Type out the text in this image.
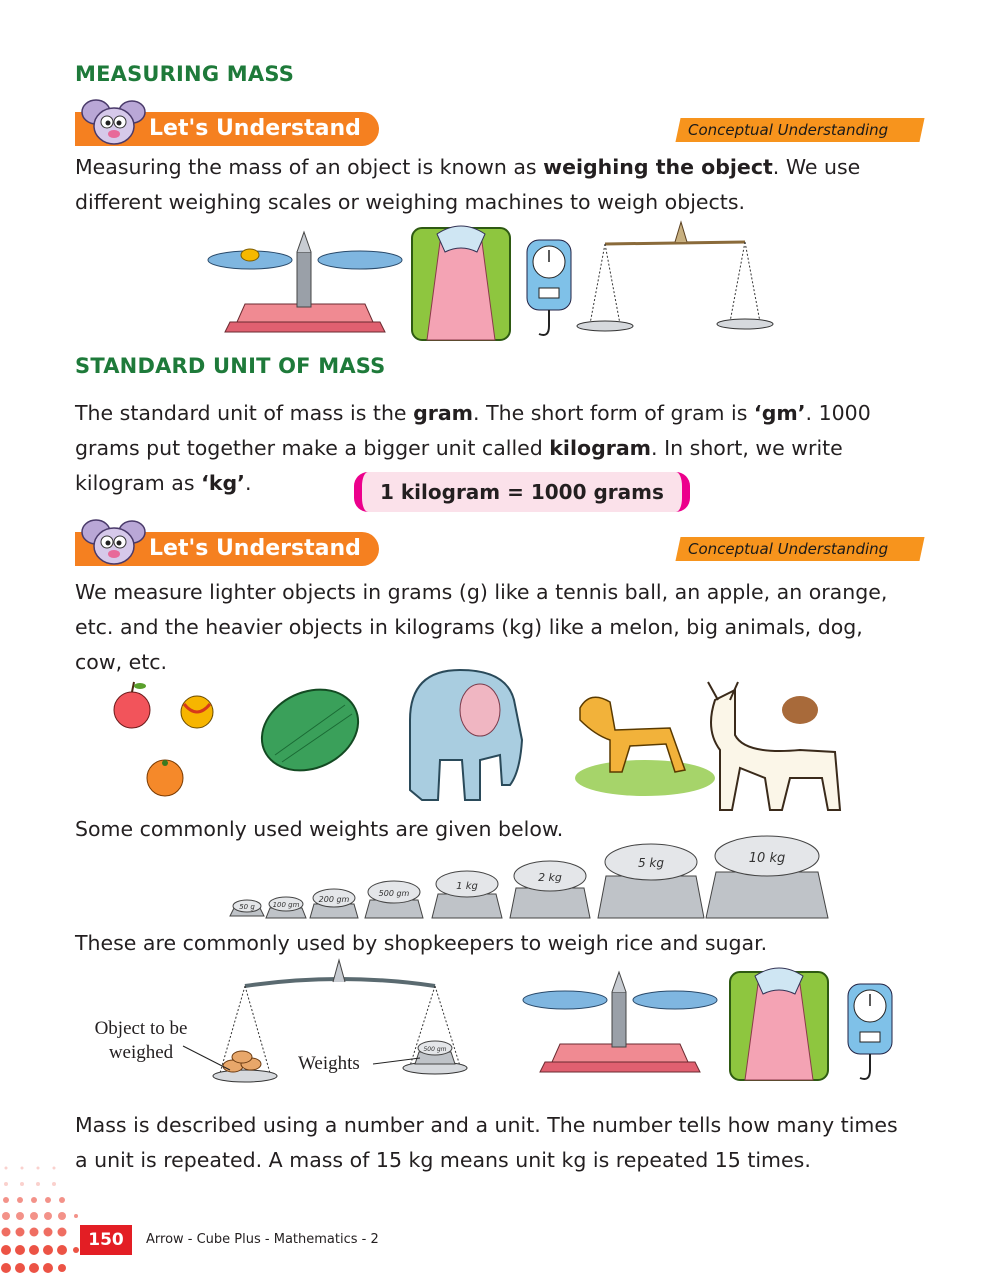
MEASURING MASS
Let's Understand	Conceptual Understanding
Measuring the mass of an object is known as weighing the object. We use different weighing scales or weighing machines to weigh objects.
STANDARD UNIT OF MASS
The standard unit of mass is the gram. The short form of gram is ‘gm’. 1000 grams put together make a bigger unit called kilogram. In short, we write kilogram as ‘kg’.	1 kilogram = 1000 grams
Let's Understand	Conceptual Understanding
We measure lighter objects in grams (g) like a tennis ball, an apple, an orange, etc. and the heavier objects in kilograms (kg) like a melon, big animals, dog, cow, etc.
Some commonly used weights are given below.
50 g	100 gm
200 gm
500 gm
1 kg
2 kg
5 kg	10 kg
These are commonly used by shopkeepers to weigh rice and sugar.
500 gm
Object to be
weighed
Weights
Mass is described using a number and a unit. The number tells how many times a unit is repeated. A mass of 15 kg means unit kg is repeated 15 times.
150	Arrow - Cube Plus - Mathematics - 2
